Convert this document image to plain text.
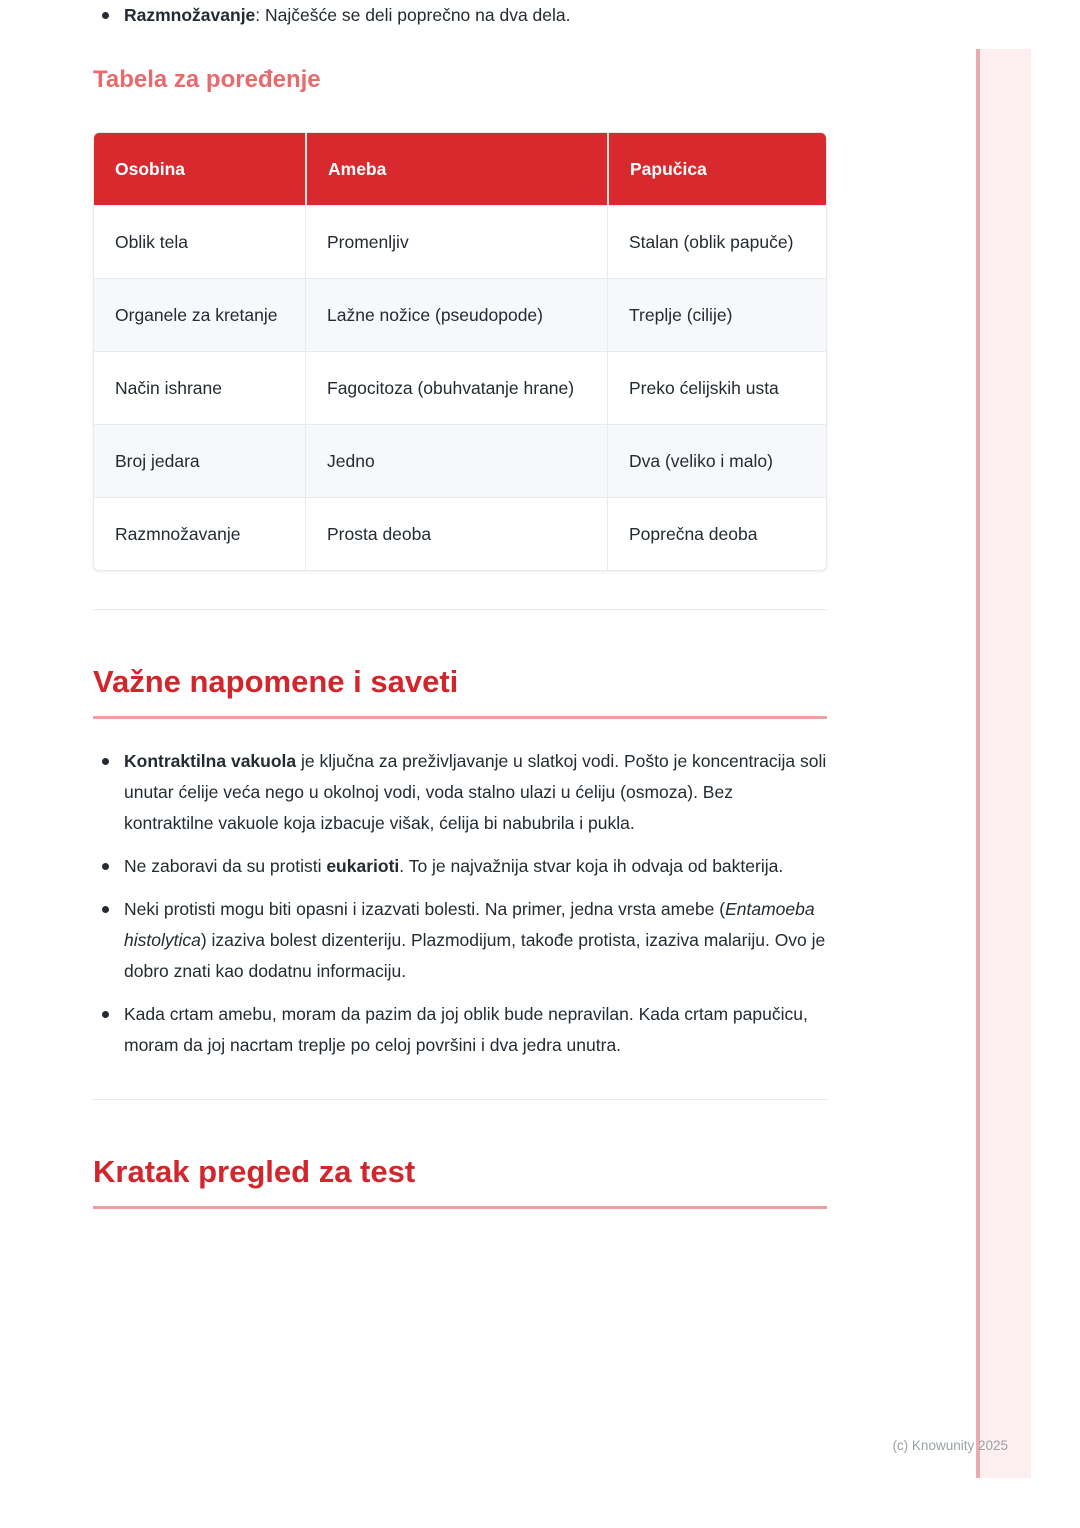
Razmnožavanje: Najčešće se deli poprečno na dva dela.
Tabela za poređenje
Osobina	Ameba	Papučica
Oblik tela	Promenljiv	Stalan (oblik papuče)
Organele za kretanje	Lažne nožice (pseudopode)	Treplje (cilije)
Način ishrane	Fagocitoza (obuhvatanje hrane)	Preko ćelijskih usta
Broj jedara	Jedno	Dva (veliko i malo)
Razmnožavanje	Prosta deoba	Poprečna deoba
Važne napomene i saveti
Kontraktilna vakuola je ključna za preživljavanje u slatkoj vodi. Pošto je koncentracija soli unutar ćelije veća nego u okolnoj vodi, voda stalno ulazi u ćeliju (osmoza). Bez kontraktilne vakuole koja izbacuje višak, ćelija bi nabubrila i pukla.
Ne zaboravi da su protisti eukarioti. To je najvažnija stvar koja ih odvaja od bakterija.
Neki protisti mogu biti opasni i izazvati bolesti. Na primer, jedna vrsta amebe (Entamoeba histolytica) izaziva bolest dizenteriju. Plazmodijum, takođe protista, izaziva malariju. Ovo je dobro znati kao dodatnu informaciju.
Kada crtam amebu, moram da pazim da joj oblik bude nepravilan. Kada crtam papučicu, moram da joj nacrtam treplje po celoj površini i dva jedra unutra.
Kratak pregled za test
(c) Knowunity 2025
